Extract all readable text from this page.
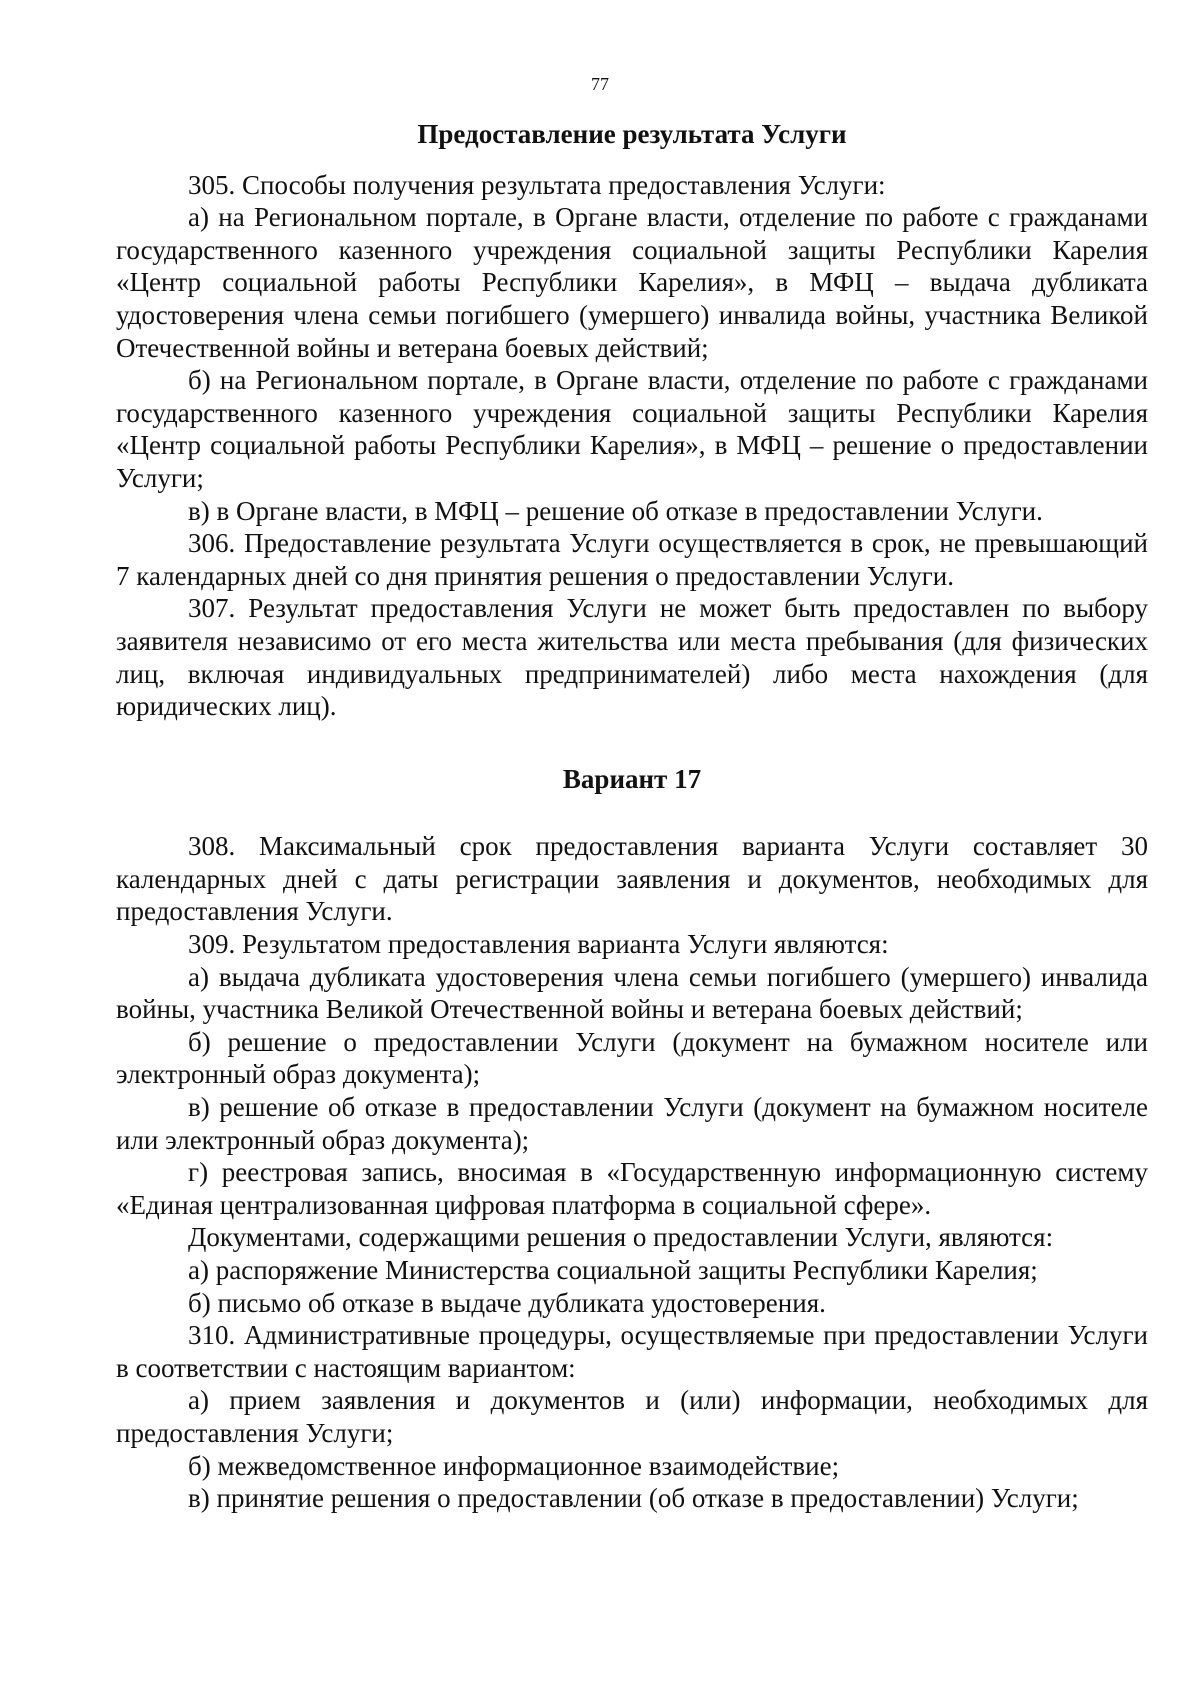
77

Предоставление результата Услуги

305. Способы получения результата предоставления Услуги:

а) на Региональном портале, в Органе власти, отделение по работе с гражданами государственного казенного учреждения социальной защиты Республики Карелия «Центр социальной работы Республики Карелия», в МФЦ – выдача дубликата удостоверения члена семьи погибшего (умершего) инвалида войны, участника Великой Отечественной войны и ветерана боевых действий;

б) на Региональном портале, в Органе власти, отделение по работе с гражданами государственного казенного учреждения социальной защиты Республики Карелия «Центр социальной работы Республики Карелия», в МФЦ – решение о предоставлении Услуги;

в) в Органе власти, в МФЦ – решение об отказе в предоставлении Услуги.

306. Предоставление результата Услуги осуществляется в срок, не превышающий 7 календарных дней со дня принятия решения о предоставлении Услуги.

307. Результат предоставления Услуги не может быть предоставлен по выбору заявителя независимо от его места жительства или места пребывания (для физических лиц, включая индивидуальных предпринимателей) либо места нахождения (для юридических лиц).

Вариант 17

308. Максимальный срок предоставления варианта Услуги составляет 30 календарных дней с даты регистрации заявления и документов, необходимых для предоставления Услуги.

309. Результатом предоставления варианта Услуги являются:

а) выдача дубликата удостоверения члена семьи погибшего (умершего) инвалида войны, участника Великой Отечественной войны и ветерана боевых действий;

б) решение о предоставлении Услуги (документ на бумажном носителе или электронный образ документа);

в) решение об отказе в предоставлении Услуги (документ на бумажном носителе или электронный образ документа);

г) реестровая запись, вносимая в «Государственную информационную систему «Единая централизованная цифровая платформа в социальной сфере».

Документами, содержащими решения о предоставлении Услуги, являются:

а) распоряжение Министерства социальной защиты Республики Карелия;

б) письмо об отказе в выдаче дубликата удостоверения.

310. Административные процедуры, осуществляемые при предоставлении Услуги в соответствии с настоящим вариантом:

а) прием заявления и документов и (или) информации, необходимых для предоставления Услуги;

б) межведомственное информационное взаимодействие;

в) принятие решения о предоставлении (об отказе в предоставлении) Услуги;
